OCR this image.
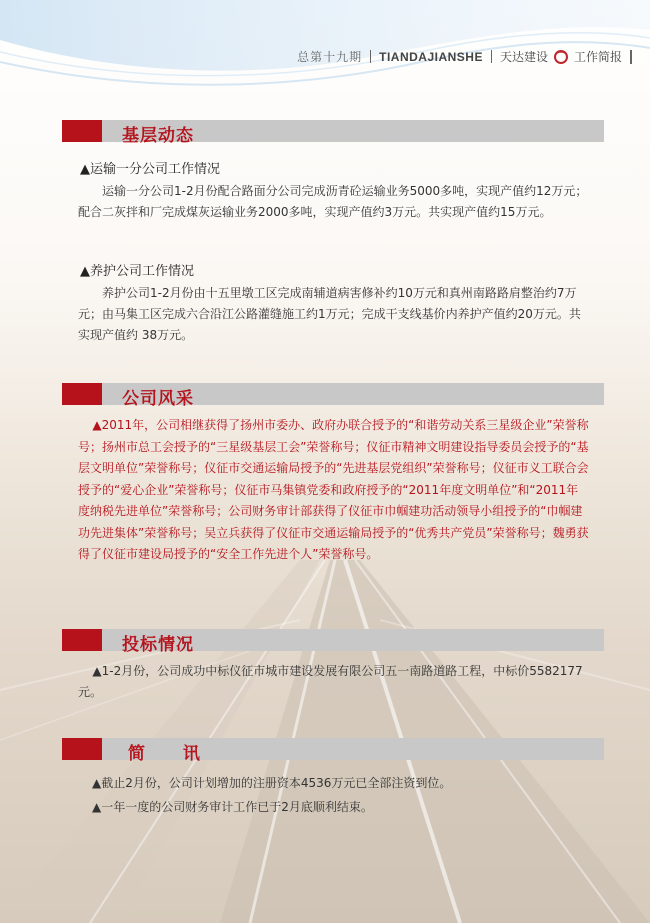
总第十九期 TIANDAJIANSHE 天达建设	⌒ 工作简报
基层动态
▲运输一分公司工作情况
运输一分公司1-2月份配合路面分公司完成沥青砼运输业务5000多吨，实现产值约12万元；配合二灰拌和厂完成煤灰运输业务2000多吨，实现产值约3万元。共实现产值约15万元。
▲养护公司工作情况
养护公司1-2月份由十五里墩工区完成南辅道病害修补约10万元和真州南路路肩整治约7万元；由马集工区完成六合沿江公路灌缝施工约1万元；完成干支线基价内养护产值约20万元。共实现产值约 38万元。
公司风采
▲2011年，公司相继获得了扬州市委办、政府办联合授予的“和谐劳动关系三星级企业”荣誉称号；扬州市总工会授予的“三星级基层工会”荣誉称号；仪征市精神文明建设指导委员会授予的“基层文明单位”荣誉称号；仪征市交通运输局授予的“先进基层党组织”荣誉称号；仪征市义工联合会授予的“爱心企业”荣誉称号；仪征市马集镇党委和政府授予的“2011年度文明单位”和“2011年度纳税先进单位”荣誉称号；公司财务审计部获得了仪征市巾帼建功活动领导小组授予的“巾帼建功先进集体”荣誉称号；吴立兵获得了仪征市交通运输局授予的“优秀共产党员”荣誉称号；魏勇获得了仪征市建设局授予的“安全工作先进个人”荣誉称号。
投标情况
▲1-2月份，公司成功中标仪征市城市建设发展有限公司五一南路道路工程，中标价5582177元。
简 讯
▲截止2月份，公司计划增加的注册资本4536万元已全部注资到位。
▲一年一度的公司财务审计工作已于2月底顺利结束。
